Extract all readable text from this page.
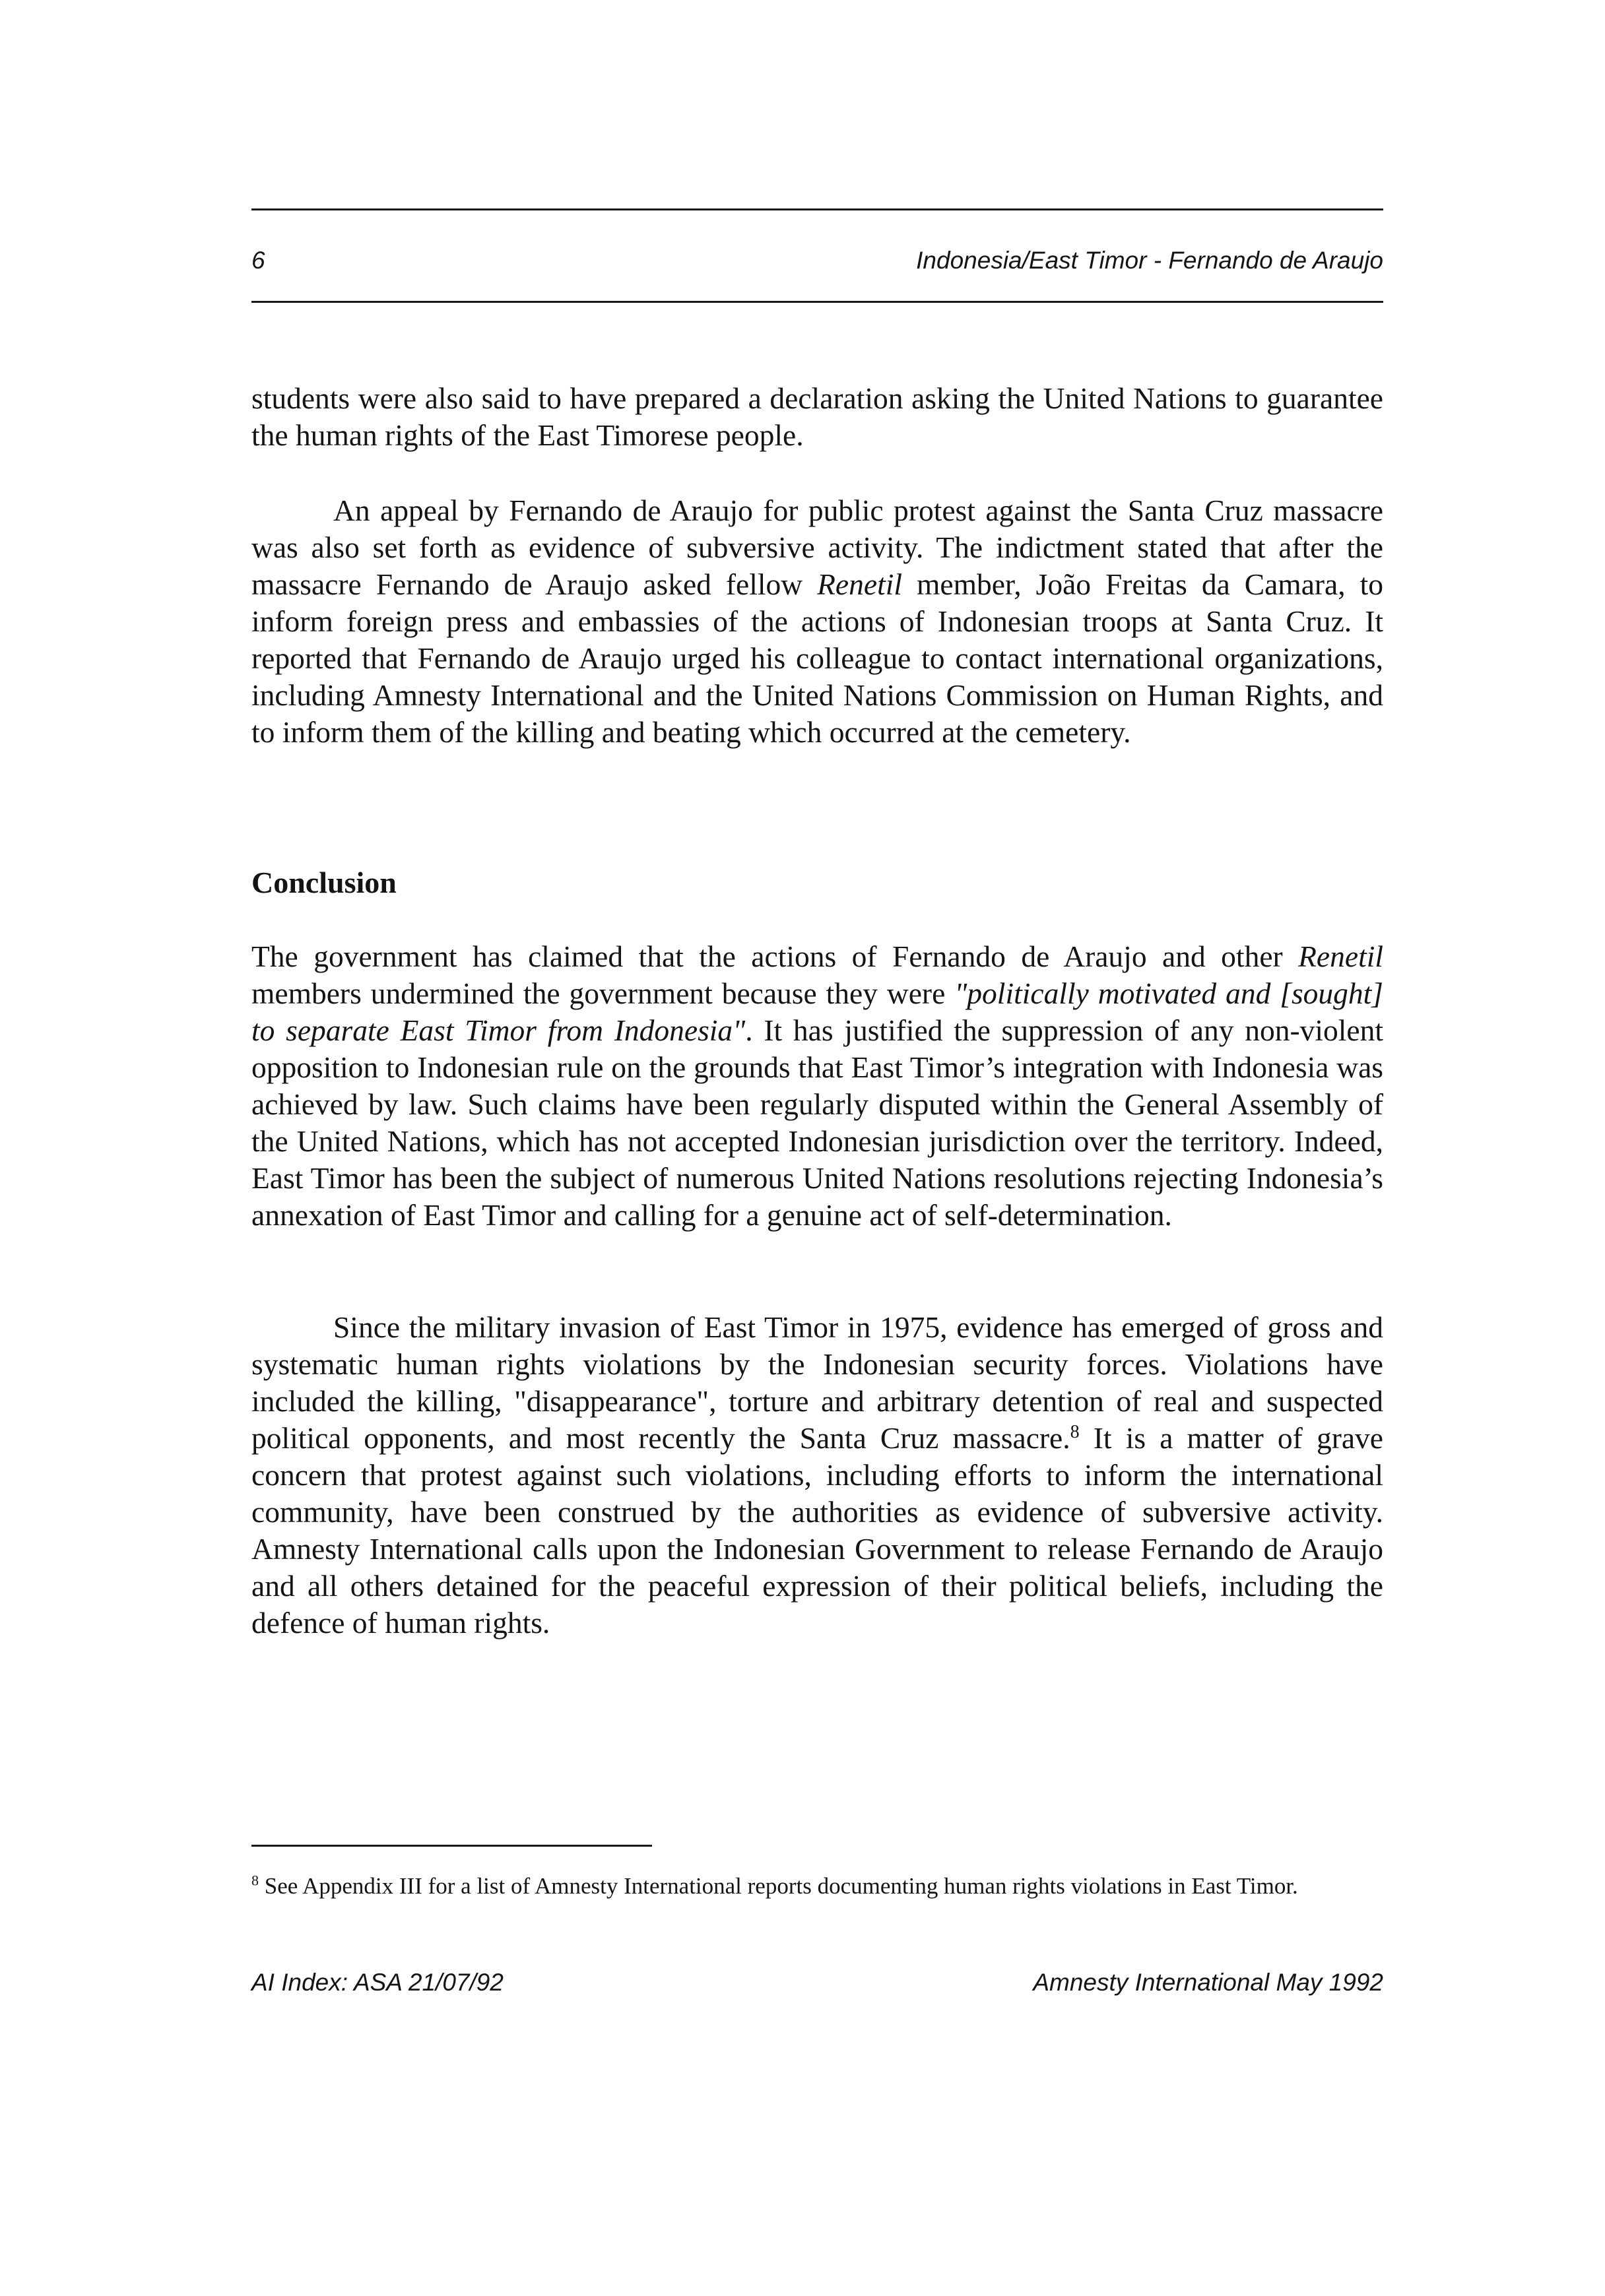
6	Indonesia/East Timor - Fernando de Araujo

students were also said to have prepared a declaration asking the United Nations to guarantee the human rights of the East Timorese people.

An appeal by Fernando de Araujo for public protest against the Santa Cruz massacre was also set forth as evidence of subversive activity. The indictment stated that after the massacre Fernando de Araujo asked fellow Renetil member, João Freitas da Camara, to inform foreign press and embassies of the actions of Indonesian troops at Santa Cruz. It reported that Fernando de Araujo urged his colleague to contact international organizations, including Amnesty International and the United Nations Commission on Human Rights, and to inform them of the killing and beating which occurred at the cemetery.

Conclusion

The government has claimed that the actions of Fernando de Araujo and other Renetil members undermined the government because they were "politically motivated and [sought] to separate East Timor from Indonesia". It has justified the suppression of any non-violent opposition to Indonesian rule on the grounds that East Timor’s integration with Indonesia was achieved by law. Such claims have been regularly disputed within the General Assembly of the United Nations, which has not accepted Indonesian jurisdiction over the territory. Indeed, East Timor has been the subject of numerous United Nations resolutions rejecting Indonesia’s annexation of East Timor and calling for a genuine act of self-determination.

Since the military invasion of East Timor in 1975, evidence has emerged of gross and systematic human rights violations by the Indonesian security forces. Violations have included the killing, "disappearance", torture and arbitrary detention of real and suspected political opponents, and most recently the Santa Cruz massacre.$^8$ It is a matter of grave concern that protest against such violations, including efforts to inform the international community, have been construed by the authorities as evidence of subversive activity. Amnesty International calls upon the Indonesian Government to release Fernando de Araujo and all others detained for the peaceful expression of their political beliefs, including the defence of human rights.

$^8$ See Appendix III for a list of Amnesty International reports documenting human rights violations in East Timor.

AI Index: ASA 21/07/92	Amnesty International May 1992
